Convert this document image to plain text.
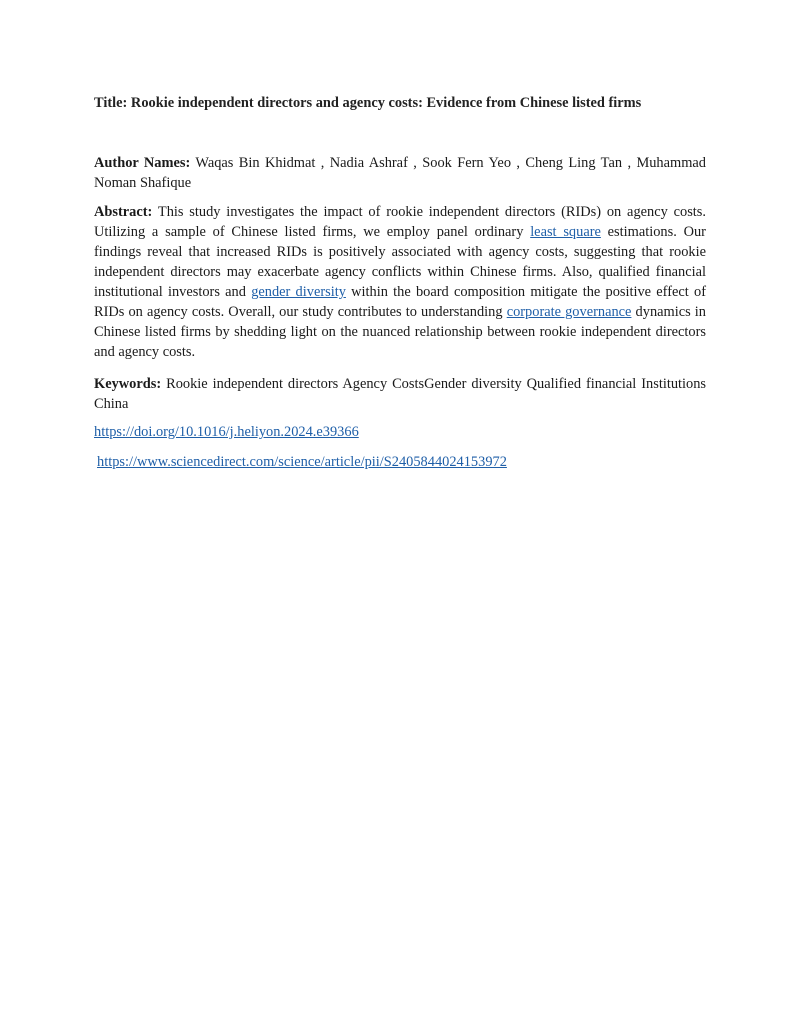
Title: Rookie independent directors and agency costs: Evidence from Chinese listed firms
Author Names: Waqas Bin Khidmat , Nadia Ashraf , Sook Fern Yeo , Cheng Ling Tan , Muhammad Noman Shafique
Abstract: This study investigates the impact of rookie independent directors (RIDs) on agency costs. Utilizing a sample of Chinese listed firms, we employ panel ordinary least square estimations. Our findings reveal that increased RIDs is positively associated with agency costs, suggesting that rookie independent directors may exacerbate agency conflicts within Chinese firms. Also, qualified financial institutional investors and gender diversity within the board composition mitigate the positive effect of RIDs on agency costs. Overall, our study contributes to understanding corporate governance dynamics in Chinese listed firms by shedding light on the nuanced relationship between rookie independent directors and agency costs.
Keywords: Rookie independent directors Agency CostsGender diversity Qualified financial Institutions China
https://doi.org/10.1016/j.heliyon.2024.e39366
https://www.sciencedirect.com/science/article/pii/S2405844024153972
